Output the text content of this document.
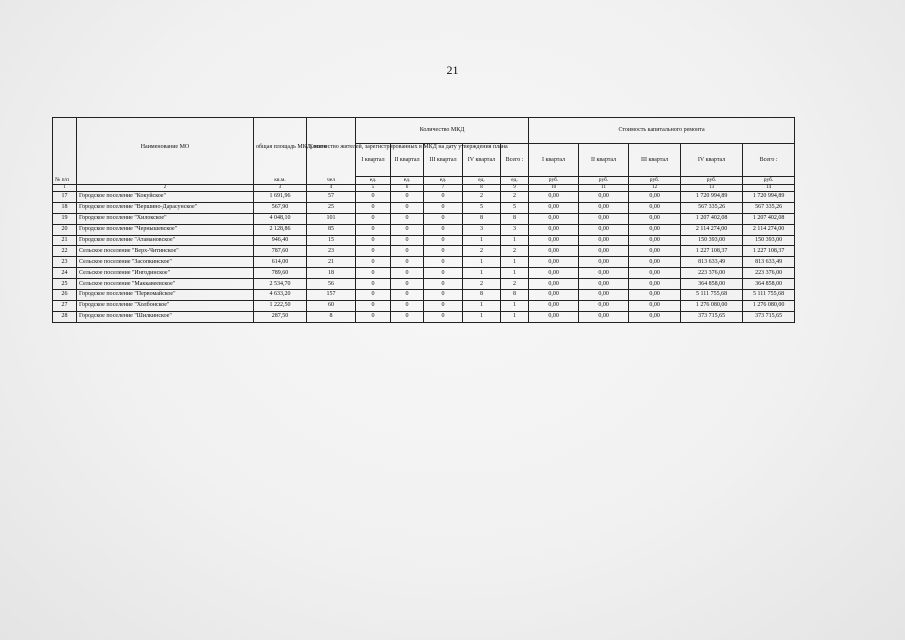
21
	Наименование МО	общая площадь МКД, всего	Количество жителей, зарегистрированных в МКД на дату утверждения плана	Количество МКД					Стоимость капитального ремонта				
				I квартал	II квартал	III квартал	IV квартал	Всего :	I квартал	II квартал	III квартал	IV квартал	Всего :
№ п/п		кв.м.	чел	ед.	ед.	ед.	ед.	ед.	руб.	руб.	руб.	руб.	руб.
1	2	3	4	5	6	7	8	9	10	11	12	13	14
17	Городское поселение "Кокуйское"	1 691,96	57	0	0	0	2	2	0,00	0,00	0,00	1 720 994,89	1 720 994,89
18	Городское поселение "Вершино-Дарасунское"	567,90	25	0	0	0	5	5	0,00	0,00	0,00	567 335,26	567 335,26
19	Городское поселение "Хилокское"	4 048,10	101	0	0	0	8	8	0,00	0,00	0,00	1 207 402,08	1 207 402,08
20	Городское поселение "Чернышевское"	2 128,86	85	0	0	0	3	3	0,00	0,00	0,00	2 114 274,00	2 114 274,00
21	Городское поселение "Атамановское"	946,40	15	0	0	0	1	1	0,00	0,00	0,00	150 393,00	150 393,00
22	Сельское поселение "Верх-Читинское"	787,60	23	0	0	0	2	2	0,00	0,00	0,00	1 227 108,37	1 227 108,37
23	Сельское поселение "Засопкинское"	614,00	21	0	0	0	1	1	0,00	0,00	0,00	813 633,49	813 633,49
24	Сельское поселение "Ингодинское"	789,60	18	0	0	0	1	1	0,00	0,00	0,00	223 376,00	223 376,00
25	Сельское поселение "Маккавеевское"	2 534,70	56	0	0	0	2	2	0,00	0,00	0,00	364 858,00	364 858,00
26	Городское поселение "Первомайское"	4 633,20	157	0	0	0	8	8	0,00	0,00	0,00	5 111 755,68	5 111 755,68
27	Городское поселение "Холбонское"	1 222,50	60	0	0	0	1	1	0,00	0,00	0,00	1 276 080,00	1 276 080,00
28	Городское поселение "Шилкинское"	287,50	8	0	0	0	1	1	0,00	0,00	0,00	373 715,65	373 715,65
